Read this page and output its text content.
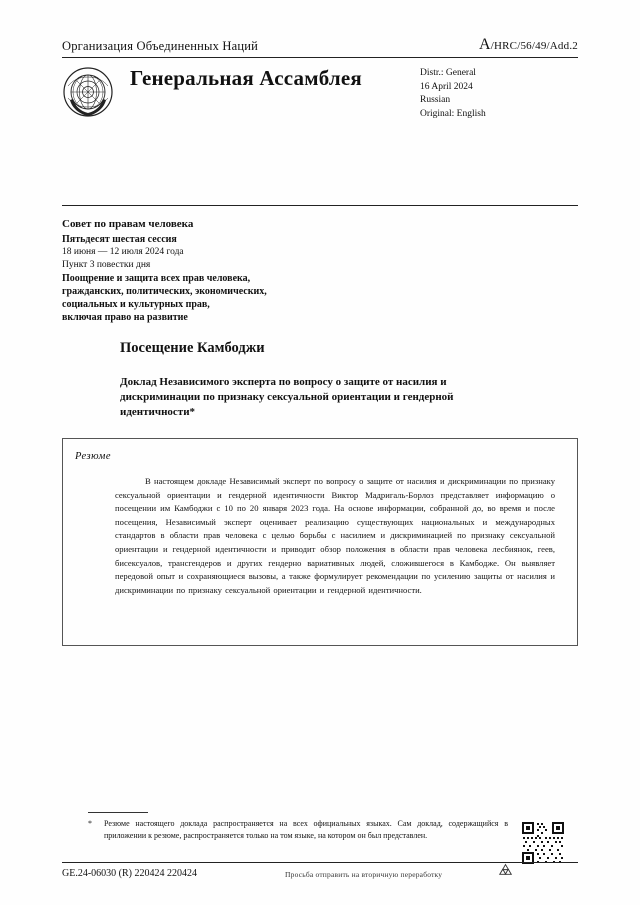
Организация Объединенных Наций	A/HRC/56/49/Add.2
Генеральная Ассамблея	Distr.: General
16 April 2024
Russian
Original: English
Совет по правам человека
Пятьдесят шестая сессия
18 июня — 12 июля 2024 года
Пункт 3 повестки дня
Поощрение и защита всех прав человека,
гражданских, политических, экономических,
социальных и культурных прав,
включая право на развитие
Посещение Камбоджи
Доклад Независимого эксперта по вопросу о защите от насилия и дискриминации по признаку сексуальной ориентации и гендерной идентичности*
Резюме
В настоящем докладе Независимый эксперт по вопросу о защите от насилия и дискриминации по признаку сексуальной ориентации и гендерной идентичности Виктор Мадригаль-Борлоз представляет информацию о посещении им Камбоджи с 10 по 20 января 2023 года. На основе информации, собранной до, во время и после посещения, Независимый эксперт оценивает реализацию существующих национальных и международных стандартов в области прав человека с целью борьбы с насилием и дискриминацией по признаку сексуальной ориентации и гендерной идентичности и приводит обзор положения в области прав человека лесбиянок, геев, бисексуалов, трансгендеров и других гендерно вариативных людей, сложившегося в Камбодже. Он выявляет передовой опыт и сохраняющиеся вызовы, а также формулирует рекомендации по усилению защиты от насилия и дискриминации по признаку сексуальной ориентации и гендерной идентичности.
* Резюме настоящего доклада распространяется на всех официальных языках. Сам доклад, содержащийся в приложении к резюме, распространяется только на том языке, на котором он был представлен.
GE.24-06030 (R) 220424 220424	Просьба отправить на вторичную переработку
